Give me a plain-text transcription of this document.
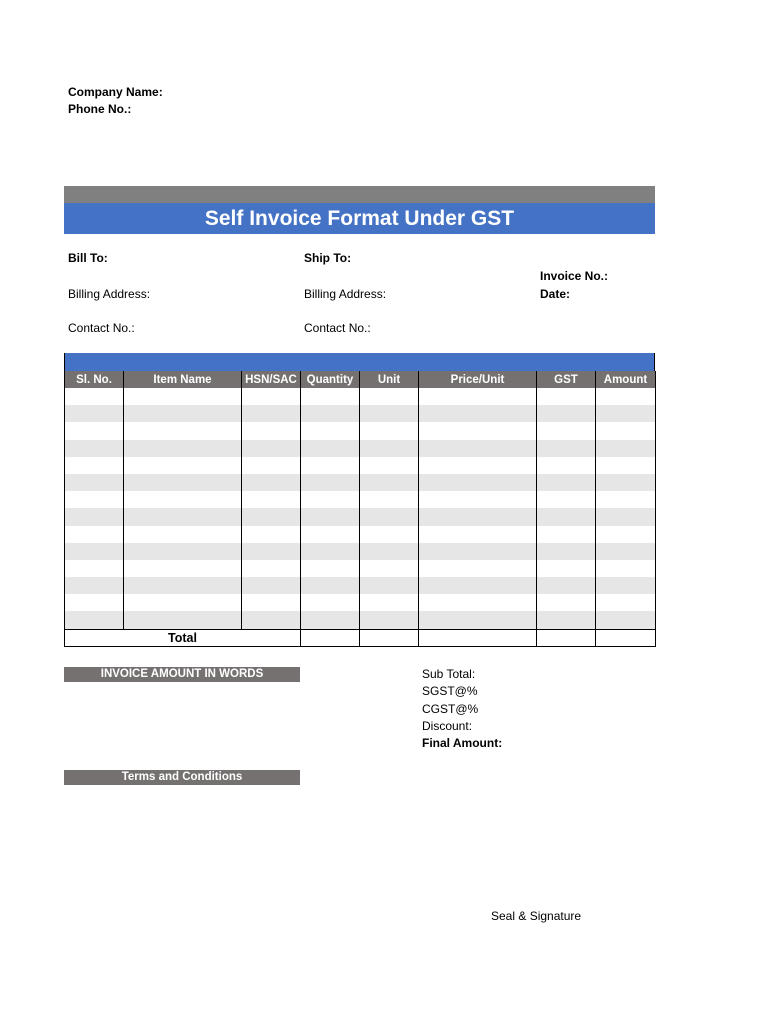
Company Name:
Phone No.:
Self Invoice Format Under GST
Bill To:
Billing Address:
Contact No.:
Ship To:
Billing Address:
Contact No.:
Invoice No.:
Date:
Sl. No.	Item Name	HSN/SAC	Quantity	Unit	Price/Unit	GST	Amount

Total							
INVOICE AMOUNT IN WORDS	Sub Total:
SGST@%
CGST@%
Discount:
Final Amount:
Terms and Conditions
Seal & Signature
